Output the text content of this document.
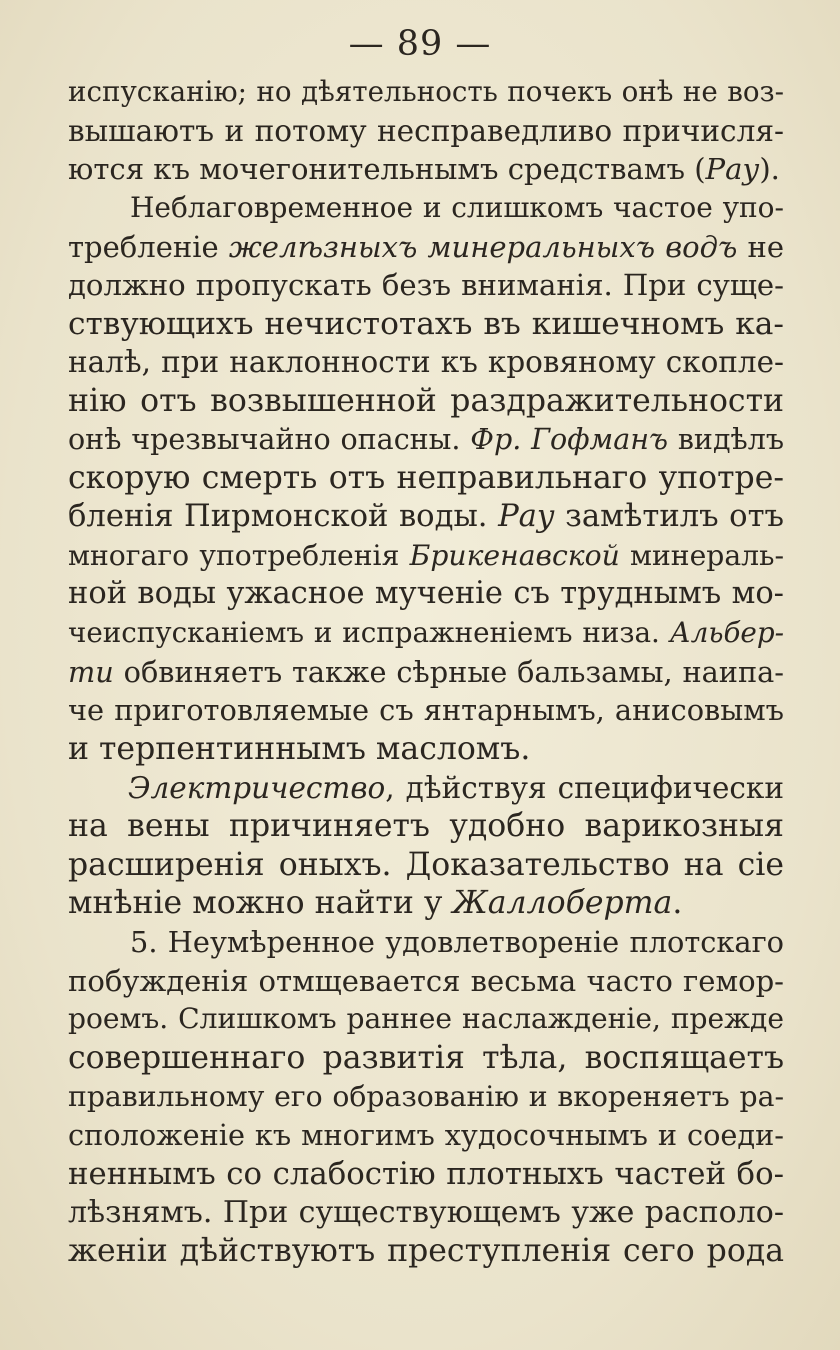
— 89 —
испусканію; но дѣятельность почекъ онѣ не воз-
вышаютъ и потому несправедливо причисля-
ются къ мочегонительнымъ средствамъ (Рау).
Неблаговременное и слишкомъ частое упо-
требленіе желѣзныхъ минеральныхъ водъ не
должно пропускать безъ вниманія. При суще-
ствующихъ нечистотахъ въ кишечномъ ка-
налѣ, при наклонности къ кровяному скопле-
нію отъ возвышенной раздражительности
онѣ чрезвычайно опасны. Фр. Гофманъ видѣлъ
скорую смерть отъ неправильнаго употре-
бленія Пирмонской воды. Рау замѣтилъ отъ
многаго употребленія Брикенавской минераль-
ной воды ужасное мученіе съ труднымъ мо-
чеиспусканіемъ и испражненіемъ низа. Альбер-
ти обвиняетъ также сѣрные бальзамы, наипа-
че приготовляемые съ янтарнымъ, анисовымъ
и терпентиннымъ масломъ.
Электричество, дѣйствуя специфически
на вены причиняетъ удобно варикозныя
расширенія оныхъ. Доказательство на сіе
мнѣніе можно найти у Жаллоберта.
5. Неумѣренное удовлетвореніе плотскаго
побужденія отмщевается весьма часто гемор-
роемъ. Слишкомъ раннее наслажденіе, прежде
совершеннаго развитія тѣла, воспящаетъ
правильному его образованію и вкореняетъ ра-
сположеніе къ многимъ худосочнымъ и соеди-
неннымъ со слабостію плотныхъ частей бо-
лѣзнямъ. При существующемъ уже располо-
женіи дѣйствуютъ преступленія сего рода
